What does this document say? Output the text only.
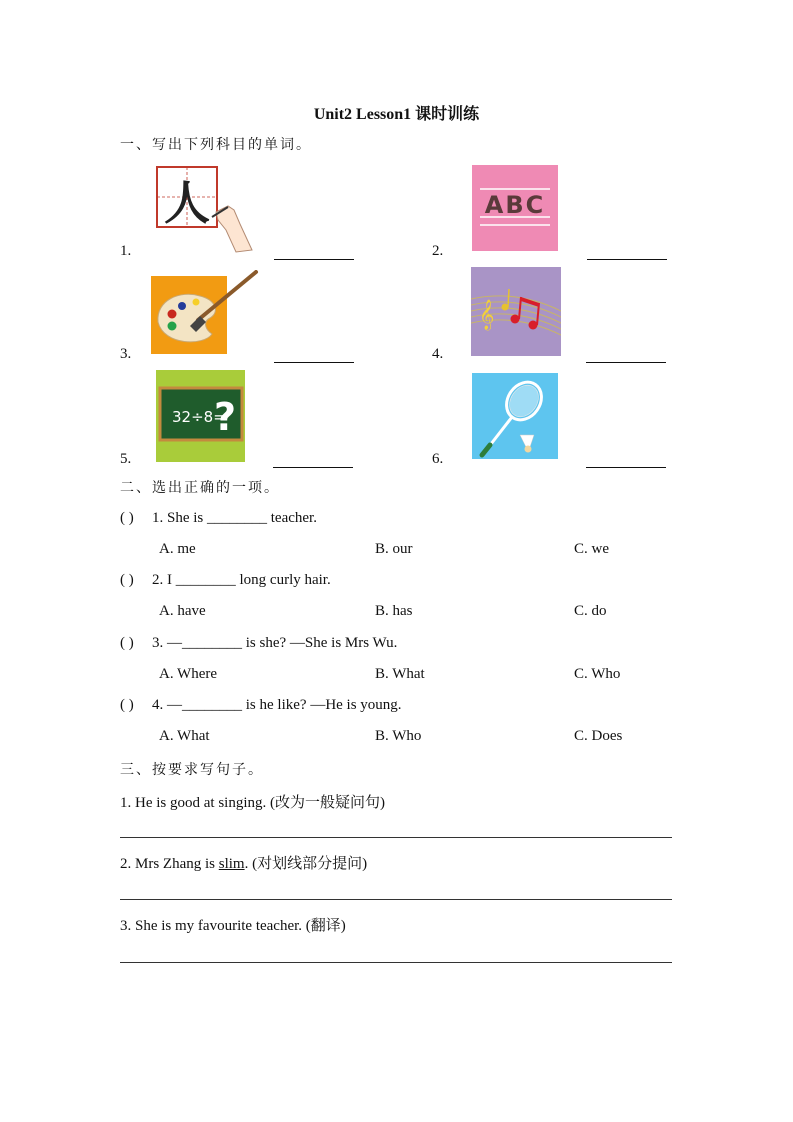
Unit2 Lesson1 课时训练
一、写出下列科目的单词。
人
1.
ABC
2.
3.
𝄞
4.
32÷8=
?
5.	6.
二、选出正确的一项。
( ) 1. She is ________ teacher.
A. me	B. our	C. we
( ) 2. I ________ long curly hair.
A. have	B. has	C. do
( ) 3. —________ is she? —She is Mrs Wu.
A. Where	B. What	C. Who
( ) 4. —________ is he like? —He is young.
A. What	B. Who	C. Does
三、按要求写句子。
1. He is good at singing. (改为一般疑问句)
2. Mrs Zhang is slim. (对划线部分提问)
3. She is my favourite teacher. (翻译)
